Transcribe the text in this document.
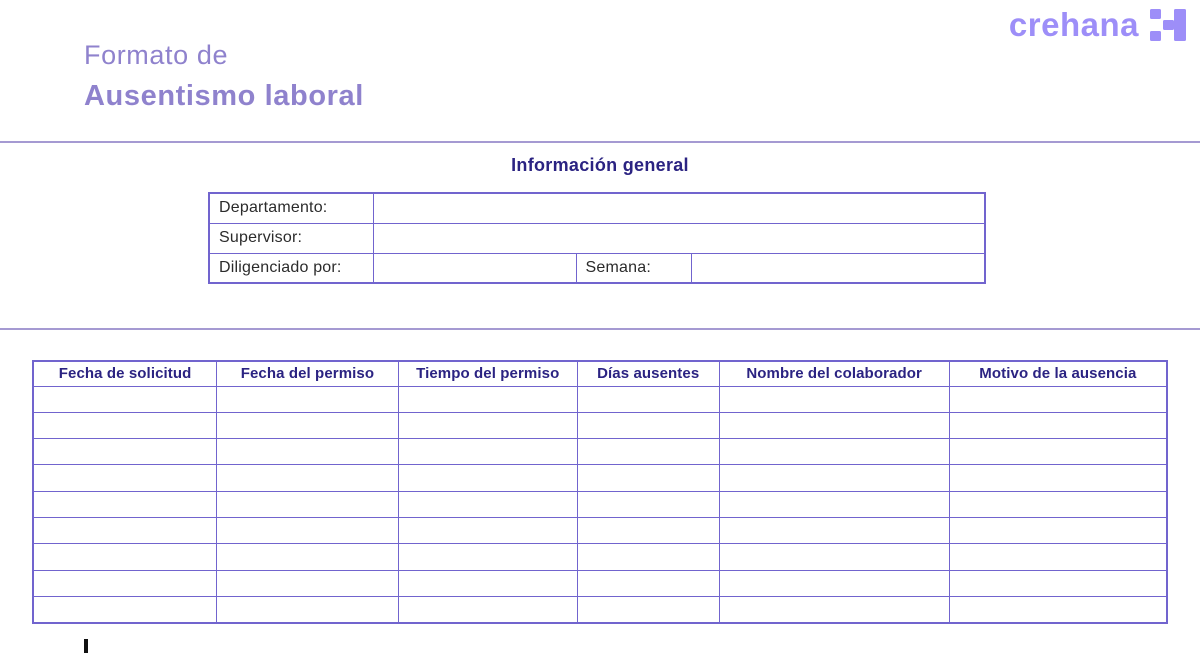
Formato de
Ausentismo laboral
crehana
Información general
Departamento:			
Supervisor:			
Diligenciado por:		Semana:	
Fecha de solicitud	Fecha del permiso	Tiempo del permiso	Días ausentes	Nombre del colaborador	Motivo de la ausencia
